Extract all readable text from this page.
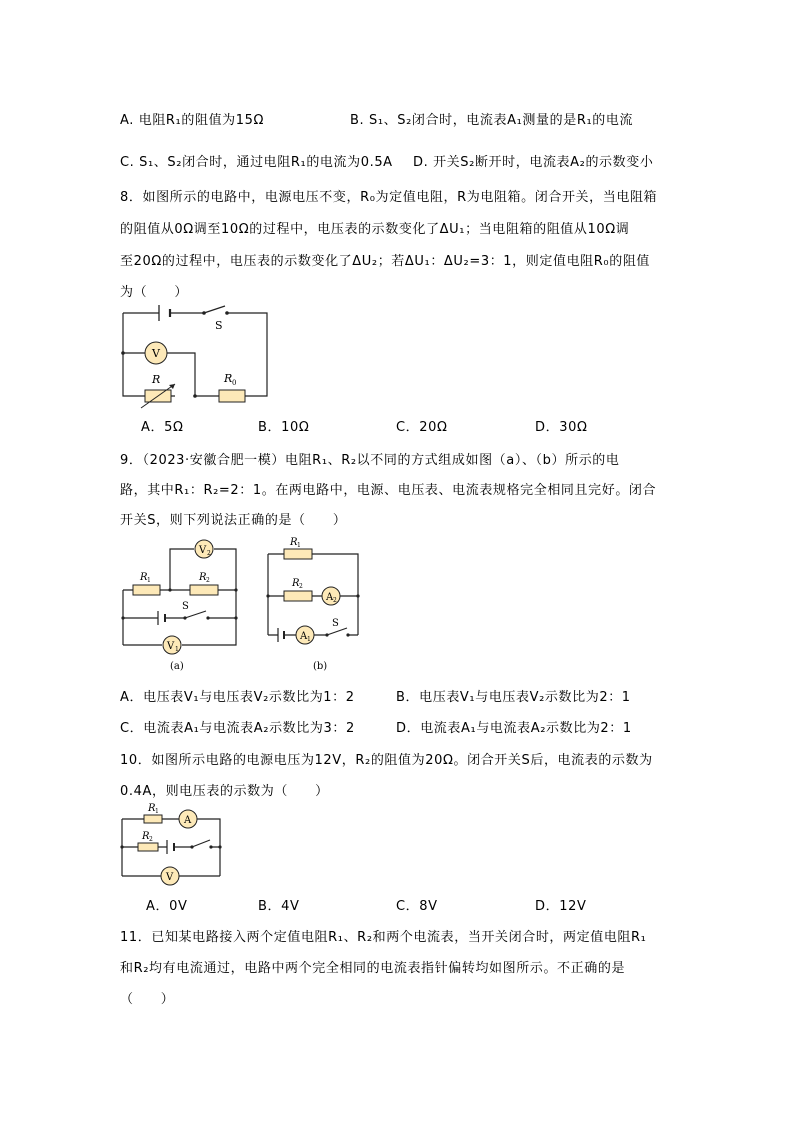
A. 电阻R₁的阻值为15Ω	B. S₁、S₂闭合时，电流表A₁测量的是R₁的电流
C. S₁、S₂闭合时，通过电阻R₁的电流为0.5A D. 开关S₂断开时，电流表A₂的示数变小
8．如图所示的电路中，电源电压不变，R₀为定值电阻，R为电阻箱。闭合开关，当电阻箱
的阻值从0Ω调至10Ω的过程中，电压表的示数变化了ΔU₁；当电阻箱的阻值从10Ω调
至20Ω的过程中，电压表的示数变化了ΔU₂；若ΔU₁：ΔU₂=3：1，则定值电阻R₀的阻值
为（　　）
S
V
R	R 0
A．5Ω	B．10Ω	C．20Ω	D．30Ω
9．（2023·安徽合肥一模）电阻R₁、R₂以不同的方式组成如图（a）、（b）所示的电
路，其中R₁：R₂=2：1。在两电路中，电源、电压表、电流表规格完全相同且完好。闭合
开关S，则下列说法正确的是（　　）
V 2
R 1	R 2
S
V 1
(a)
R 1
R 2
A 2
A 1
S
(b)
A．电压表V₁与电压表V₂示数比为1：2	B．电压表V₁与电压表V₂示数比为2：1
C．电流表A₁与电流表A₂示数比为3：2	D．电流表A₁与电流表A₂示数比为2：1
10．如图所示电路的电源电压为12V，R₂的阻值为20Ω。闭合开关S后，电流表的示数为
0.4A，则电压表的示数为（　　）
R 1
A
R 2
V
A．0V	B．4V	C．8V	D．12V
11．已知某电路接入两个定值电阻R₁、R₂和两个电流表，当开关闭合时，两定值电阻R₁
和R₂均有电流通过，电路中两个完全相同的电流表指针偏转均如图所示。不正确的是
（　　）
